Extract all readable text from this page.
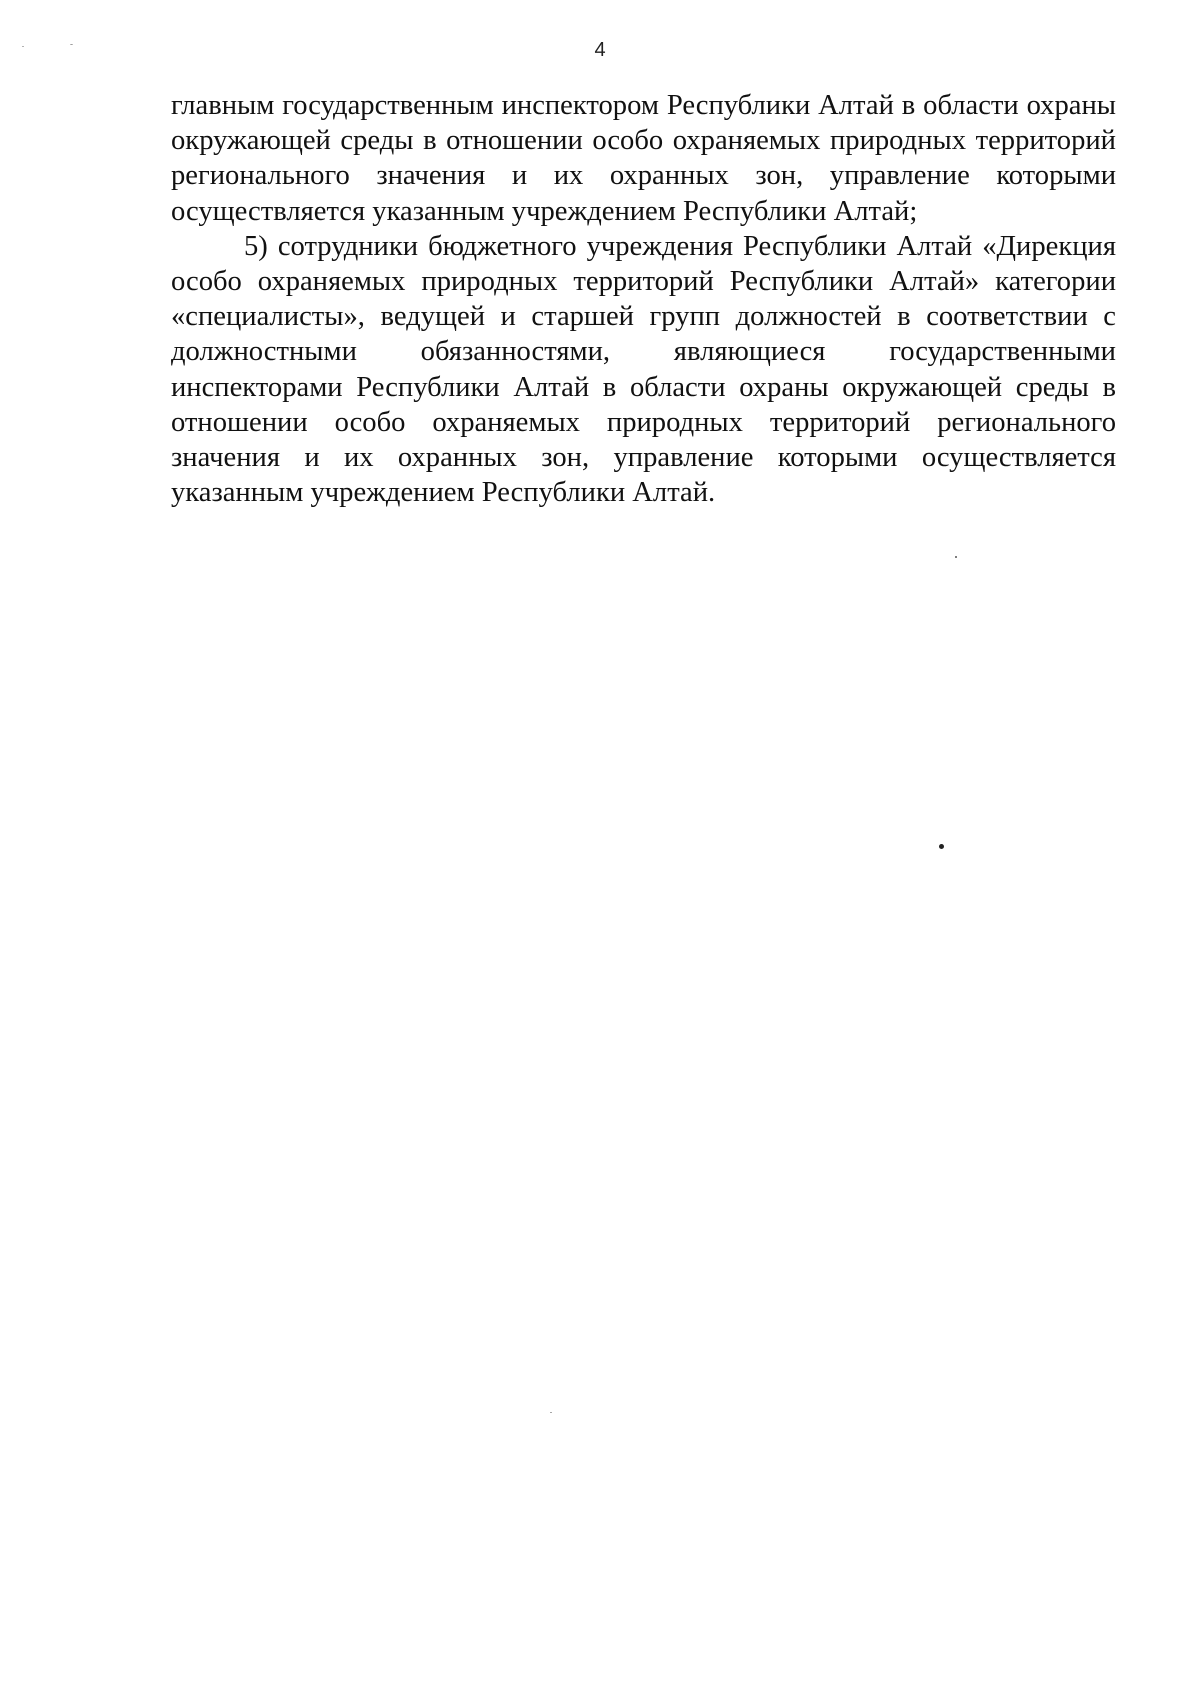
4

главным государственным инспектором Республики Алтай в области охраны окружающей среды в отношении особо охраняемых природных территорий регионального значения и их охранных зон, управление которыми осуществляется указанным учреждением Республики Алтай;

5) сотрудники бюджетного учреждения Республики Алтай «Дирекция особо охраняемых природных территорий Республики Алтай» категории «специалисты», ведущей и старшей групп должностей в соответствии с должностными обязанностями, являющиеся государственными инспекторами Республики Алтай в области охраны окружающей среды в отношении особо охраняемых природных территорий регионального значения и их охранных зон, управление которыми осуществляется указанным учреждением Республики Алтай.
